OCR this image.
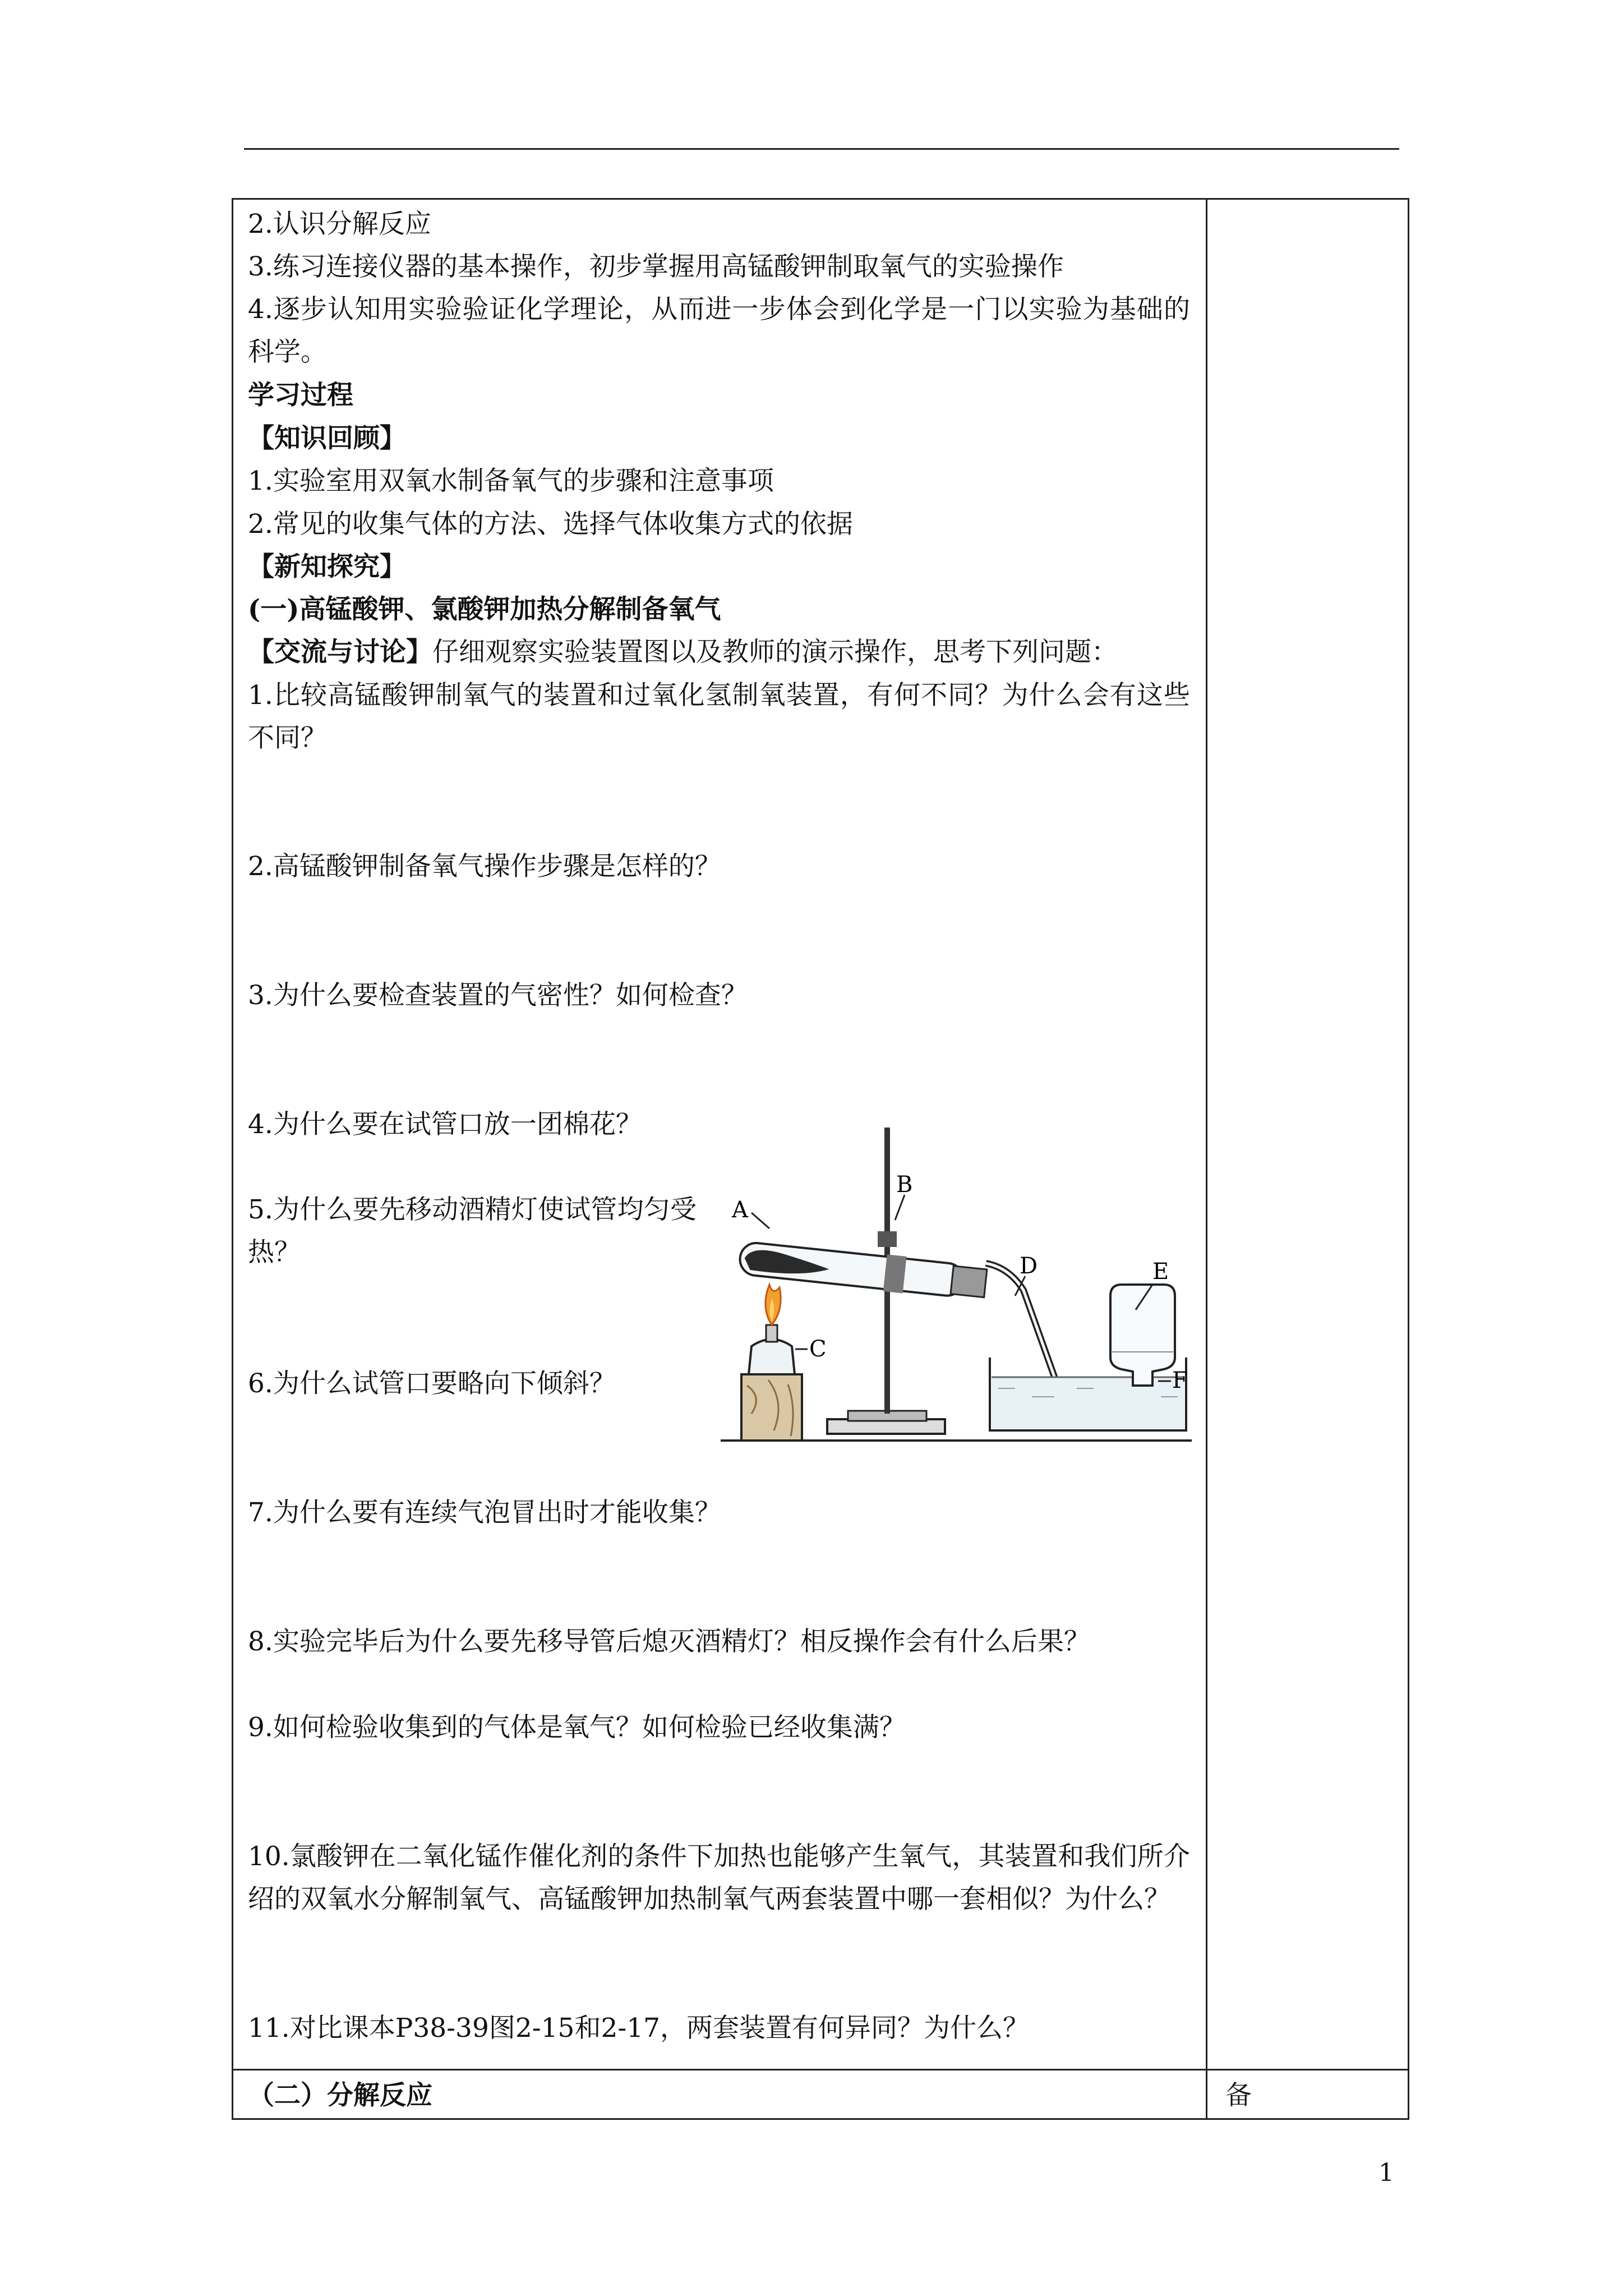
2.认识分解反应
3.练习连接仪器的基本操作，初步掌握用高锰酸钾制取氧气的实验操作
4.逐步认知用实验验证化学理论，从而进一步体会到化学是一门以实验为基础的科学。
学习过程
【知识回顾】
1.实验室用双氧水制备氧气的步骤和注意事项
2.常见的收集气体的方法、选择气体收集方式的依据
【新知探究】
(一)高锰酸钾、氯酸钾加热分解制备氧气
【交流与讨论】仔细观察实验装置图以及教师的演示操作，思考下列问题：
1.比较高锰酸钾制氧气的装置和过氧化氢制氧装置，有何不同？为什么会有这些不同？
2.高锰酸钾制备氧气操作步骤是怎样的？
3.为什么要检查装置的气密性？如何检查？
4.为什么要在试管口放一团棉花？
5.为什么要先移动酒精灯使试管均匀受热？
6.为什么试管口要略向下倾斜？
7.为什么要有连续气泡冒出时才能收集？
8.实验完毕后为什么要先移导管后熄灭酒精灯？相反操作会有什么后果？
9.如何检验收集到的气体是氧气？如何检验已经收集满？
10.氯酸钾在二氧化锰作催化剂的条件下加热也能够产生氧气，其装置和我们所介绍的双氧水分解制氧气、高锰酸钾加热制氧气两套装置中哪一套相似？为什么？
11.对比课本P38-39图2-15和2-17，两套装置有何异同？为什么？
（二）分解反应	备
A
B
C
D	E
F
1
